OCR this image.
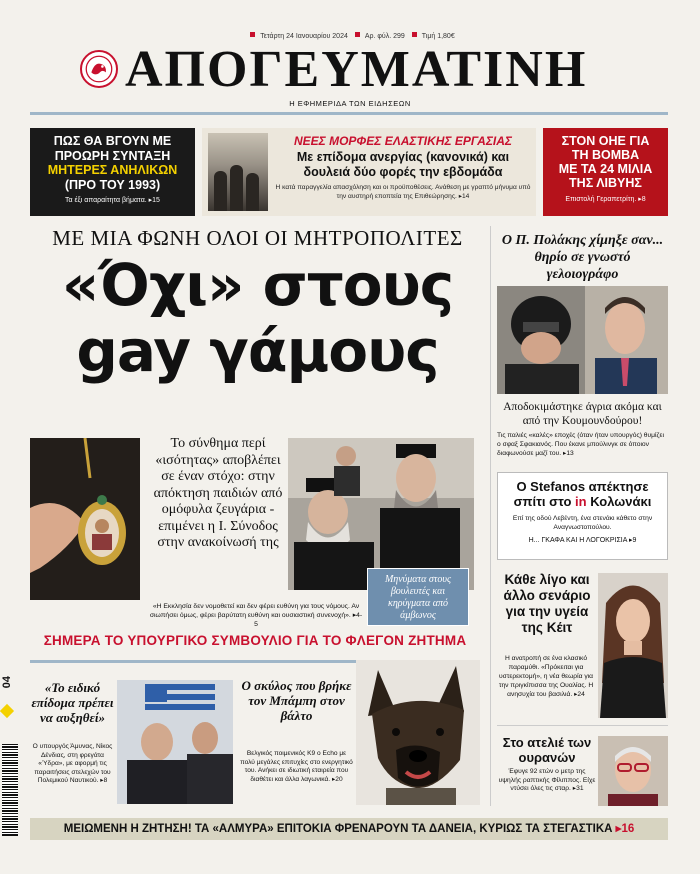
Τετάρτη 24 Ιανουαρίου 2024 Αρ. φύλ. 299 Τιμή 1,80€
ΑΠΟΓΕΥΜΑΤΙΝΗ
Η ΕΦΗΜΕΡΙΔΑ ΤΩΝ ΕΙΔΗΣΕΩΝ
ΠΩΣ ΘΑ ΒΓΟΥΝ ΜΕ
ΠΡΟΩΡΗ ΣΥΝΤΑΞΗ
ΜΗΤΕΡΕΣ ΑΝΗΛΙΚΩΝ
(ΠΡΟ ΤΟΥ 1993)
Τα έξι απαραίτητα βήματα. ▸15
ΝΕΕΣ ΜΟΡΦΕΣ ΕΛΑΣΤΙΚΗΣ ΕΡΓΑΣΙΑΣ
Με επίδομα ανεργίας (κανονικά) και δουλειά δύο φορές την εβδομάδα
Η κατά παραγγελία απασχόληση και οι προϋποθέσεις. Ανάθεση με γραπτό μήνυμα υπό την αυστηρή εποπτεία της Επιθεώρησης. ▸14
ΣΤΟΝ ΟΗΕ ΓΙΑ
ΤΗ ΒΟΜΒΑ
ΜΕ ΤΑ 24 ΜΙΛΙΑ
ΤΗΣ ΛΙΒΥΗΣ
Επιστολή Γεραπετρίτη. ▸8
ΜΕ ΜΙΑ ΦΩΝΗ ΟΛΟΙ ΟΙ ΜΗΤΡΟΠΟΛΙΤΕΣ
«Όχι» στους
gay γάμους
Το σύνθημα περί «ισότητας» αποβλέπει σε έναν στόχο: στην απόκτηση παιδιών από ομόφυλα ζευγάρια - επιμένει η Ι. Σύνοδος στην ανακοίνωσή της
Μηνύματα στους βουλευτές και κηρύγματα από άμβωνος
«Η Εκκλησία δεν νομοθετεί και δεν φέρει ευθύνη για τους νόμους. Αν σιωπήσει όμως, φέρει βαρύτατη ευθύνη και ουσιαστική συνενοχή». ▸4-5
ΣΗΜΕΡΑ ΤΟ ΥΠΟΥΡΓΙΚΟ ΣΥΜΒΟΥΛΙΟ ΓΙΑ ΤΟ ΦΛΕΓΟΝ ΖΗΤΗΜΑ
Ο Π. Πολάκης χίμηξε σαν... θηρίο σε γνωστό γελοιογράφο
Αποδοκιμάστηκε άγρια ακόμα και από την Κουμουνδούρου!
Τις παλιές «καλές» εποχές (όταν ήταν υπουργός) θυμίζει ο σφαξ Σφακιανός. Που έκανε μπούλινγκ σε όποιον διαφωνούσε μαζί του. ▸13
Ο Stefanos απέκτησε σπίτι στο in Κολωνάκι
Επί της οδού Λεβέντη, ένα στενάκι κάθετο στην Αναγνωστοπούλου.
Η... ΓΚΑΦΑ ΚΑΙ Η ΛΟΓΟΚΡΙΣΙΑ ▸9
Κάθε λίγο και άλλο σενάριο για την υγεία της Κέιτ
Η ανατροπή σε ένα κλασικό παραμύθι. «Πρόκειται για υστερεκτομή», η νέα θεωρία για την πριγκίπισσα της Ουαλίας. Η ανησυχία του βασιλιά. ▸24
Στο ατελιέ των ουρανών
Έφυγε 92 ετών ο μετρ της υψηλής ραπτικής Φίλιππος. Είχε ντύσει όλες τις σταρ. ▸31
«Το ειδικό επίδομα πρέπει να αυξηθεί»
Ο υπουργός Άμυνας, Νίκος Δένδιας, στη φρεγάτα «Ύδρα», με αφορμή τις παραιτήσεις στελεχών του Πολεμικού Ναυτικού. ▸8
Ο σκύλος που βρήκε τον Μπάμπη στον βάλτο
Βελγικός ποιμενικός K9 ο Echo με πολύ μεγάλες επιτυχίες στο ενεργητικό του. Ανήκει σε ιδιωτική εταιρεία που διαθέτει και άλλα λαγωνικά. ▸20
ΜΕΙΩΜΕΝΗ Η ΖΗΤΗΣΗ! ΤΑ «ΑΛΜΥΡΑ» ΕΠΙΤΟΚΙΑ ΦΡΕΝΑΡΟΥΝ ΤΑ ΔΑΝΕΙΑ, ΚΥΡΙΩΣ ΤΑ ΣΤΕΓΑΣΤΙΚΑ ▸16
04
